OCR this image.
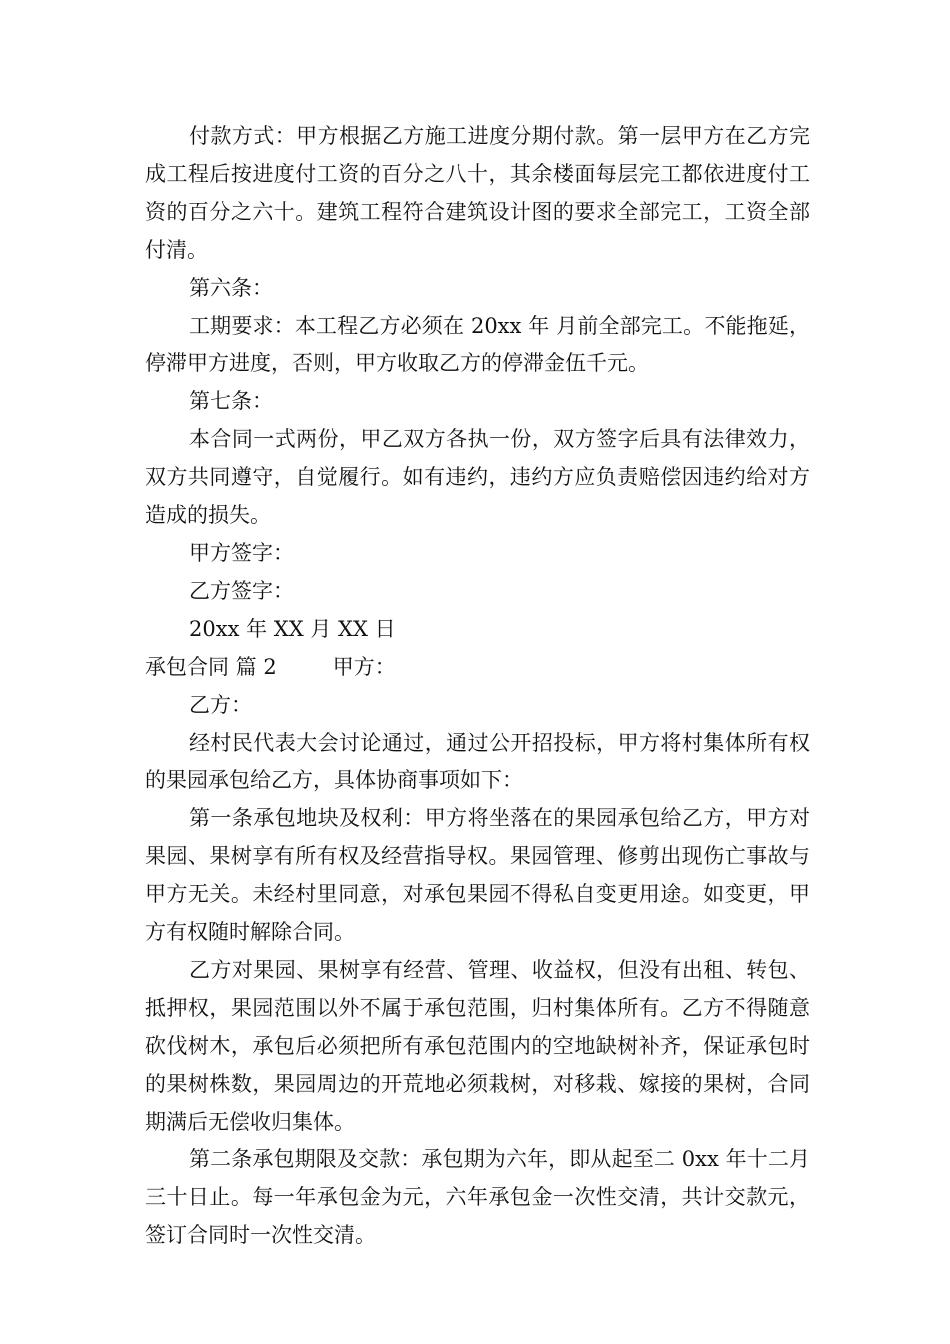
付款方式：甲方根据乙方施工进度分期付款。第一层甲方在乙方完成工程后按进度付工资的百分之八十，其余楼面每层完工都依进度付工资的百分之六十。建筑工程符合建筑设计图的要求全部完工，工资全部付清。

第六条：

工期要求：本工程乙方必须在 20xx 年 月前全部完工。不能拖延，停滞甲方进度，否则，甲方收取乙方的停滞金伍千元。

第七条：

本合同一式两份，甲乙双方各执一份，双方签字后具有法律效力，双方共同遵守，自觉履行。如有违约，违约方应负责赔偿因违约给对方造成的损失。

甲方签字：

乙方签字：

20xx 年 XX 月 XX 日

承包合同 篇 2	甲方：

乙方：

经村民代表大会讨论通过，通过公开招投标，甲方将村集体所有权的果园承包给乙方，具体协商事项如下：

第一条承包地块及权利：甲方将坐落在的果园承包给乙方，甲方对果园、果树享有所有权及经营指导权。果园管理、修剪出现伤亡事故与甲方无关。未经村里同意，对承包果园不得私自变更用途。如变更，甲方有权随时解除合同。

乙方对果园、果树享有经营、管理、收益权，但没有出租、转包、抵押权，果园范围以外不属于承包范围，归村集体所有。乙方不得随意砍伐树木，承包后必须把所有承包范围内的空地缺树补齐，保证承包时的果树株数，果园周边的开荒地必须栽树，对移栽、嫁接的果树，合同期满后无偿收归集体。

第二条承包期限及交款：承包期为六年，即从起至二 0xx 年十二月三十日止。每一年承包金为元，六年承包金一次性交清，共计交款元，签订合同时一次性交清。
